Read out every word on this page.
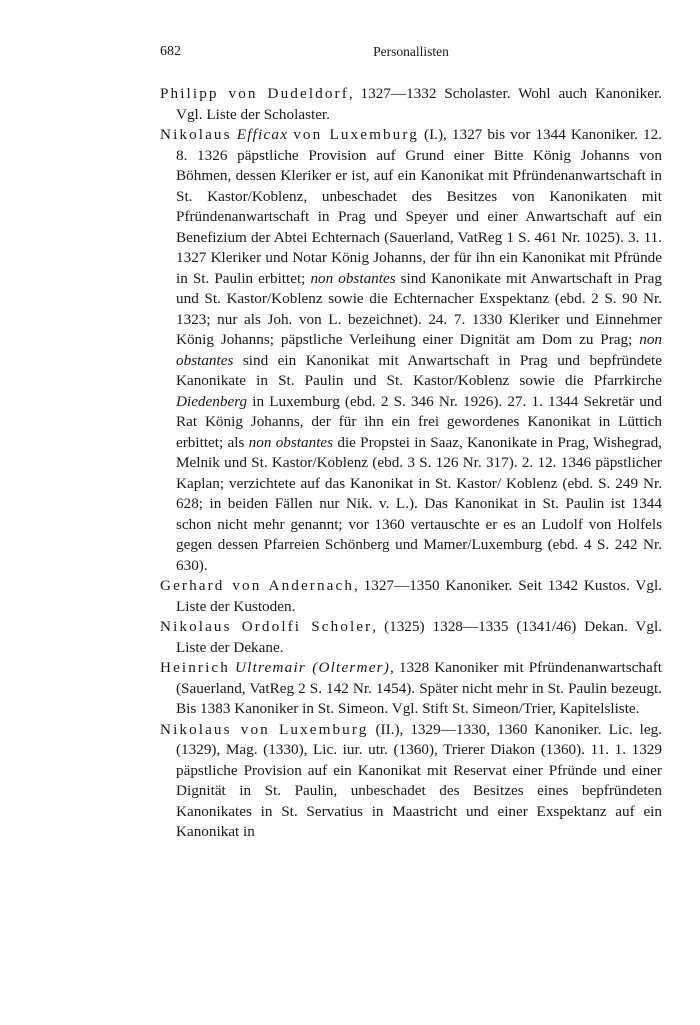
682	Personallisten

Philipp von Dudeldorf, 1327—1332 Scholaster. Wohl auch Kanoniker. Vgl. Liste der Scholaster.

Nikolaus Efficax von Luxemburg (I.), 1327 bis vor 1344 Kanoniker. 12. 8. 1326 päpstliche Provision auf Grund einer Bitte König Johanns von Böhmen, dessen Kleriker er ist, auf ein Kanonikat mit Pfründenanwartschaft in St. Kastor/Koblenz, unbeschadet des Besitzes von Kanonikaten mit Pfründenanwartschaft in Prag und Speyer und einer Anwartschaft auf ein Benefizium der Abtei Echternach (Sauerland, VatReg 1 S. 461 Nr. 1025). 3. 11. 1327 Kleriker und Notar König Johanns, der für ihn ein Kanonikat mit Pfründe in St. Paulin erbittet; non obstantes sind Kanonikate mit Anwartschaft in Prag und St. Kastor/Koblenz sowie die Echternacher Exspektanz (ebd. 2 S. 90 Nr. 1323; nur als Joh. von L. bezeichnet). 24. 7. 1330 Kleriker und Einnehmer König Johanns; päpstliche Verleihung einer Dignität am Dom zu Prag; non obstantes sind ein Kanonikat mit Anwartschaft in Prag und bepfründete Kanonikate in St. Paulin und St. Kastor/Koblenz sowie die Pfarrkirche Diedenberg in Luxemburg (ebd. 2 S. 346 Nr. 1926). 27. 1. 1344 Sekretär und Rat König Johanns, der für ihn ein frei gewordenes Kanonikat in Lüttich erbittet; als non obstantes die Propstei in Saaz, Kanonikate in Prag, Wishegrad, Melnik und St. Kastor/Koblenz (ebd. 3 S. 126 Nr. 317). 2. 12. 1346 päpstlicher Kaplan; verzichtete auf das Kanonikat in St. Kastor/ Koblenz (ebd. S. 249 Nr. 628; in beiden Fällen nur Nik. v. L.). Das Kanonikat in St. Paulin ist 1344 schon nicht mehr genannt; vor 1360 vertauschte er es an Ludolf von Holfels gegen dessen Pfarreien Schönberg und Mamer/Luxemburg (ebd. 4 S. 242 Nr. 630).

Gerhard von Andernach, 1327—1350 Kanoniker. Seit 1342 Kustos. Vgl. Liste der Kustoden.

Nikolaus Ordolfi Scholer, (1325) 1328—1335 (1341/46) Dekan. Vgl. Liste der Dekane.

Heinrich Ultremair (Oltermer), 1328 Kanoniker mit Pfründenanwartschaft (Sauerland, VatReg 2 S. 142 Nr. 1454). Später nicht mehr in St. Paulin bezeugt. Bis 1383 Kanoniker in St. Simeon. Vgl. Stift St. Simeon/Trier, Kapitelsliste.

Nikolaus von Luxemburg (II.), 1329—1330, 1360 Kanoniker. Lic. leg. (1329), Mag. (1330), Lic. iur. utr. (1360), Trierer Diakon (1360). 11. 1. 1329 päpstliche Provision auf ein Kanonikat mit Reservat einer Pfründe und einer Dignität in St. Paulin, unbeschadet des Besitzes eines bepfründeten Kanonikates in St. Servatius in Maastricht und einer Exspektanz auf ein Kanonikat in
